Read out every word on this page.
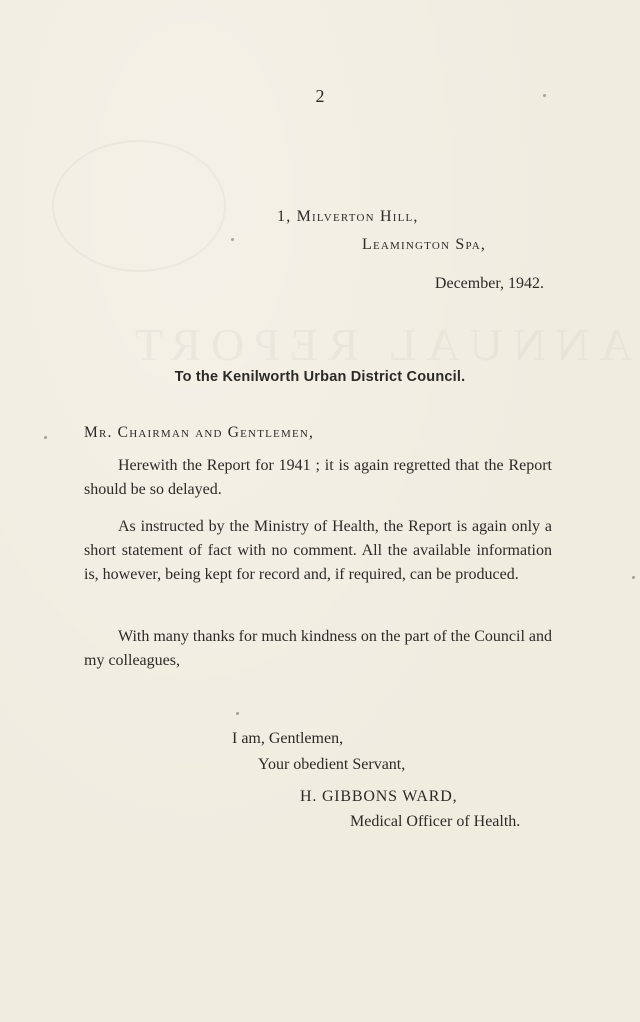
ANNUAL REPORT
2
1, Milverton Hill,
Leamington Spa,
December, 1942.
To the Kenilworth Urban District Council.
Mr. Chairman and Gentlemen,

Herewith the Report for 1941 ; it is again regretted that the Report should be so delayed.

As instructed by the Ministry of Health, the Report is again only a short statement of fact with no comment. All the available information is, however, being kept for record and, if required, can be produced.

With many thanks for much kindness on the part of the Council and my colleagues,

I am, Gentlemen,
Your obedient Servant,
H. GIBBONS WARD,
Medical Officer of Health.
